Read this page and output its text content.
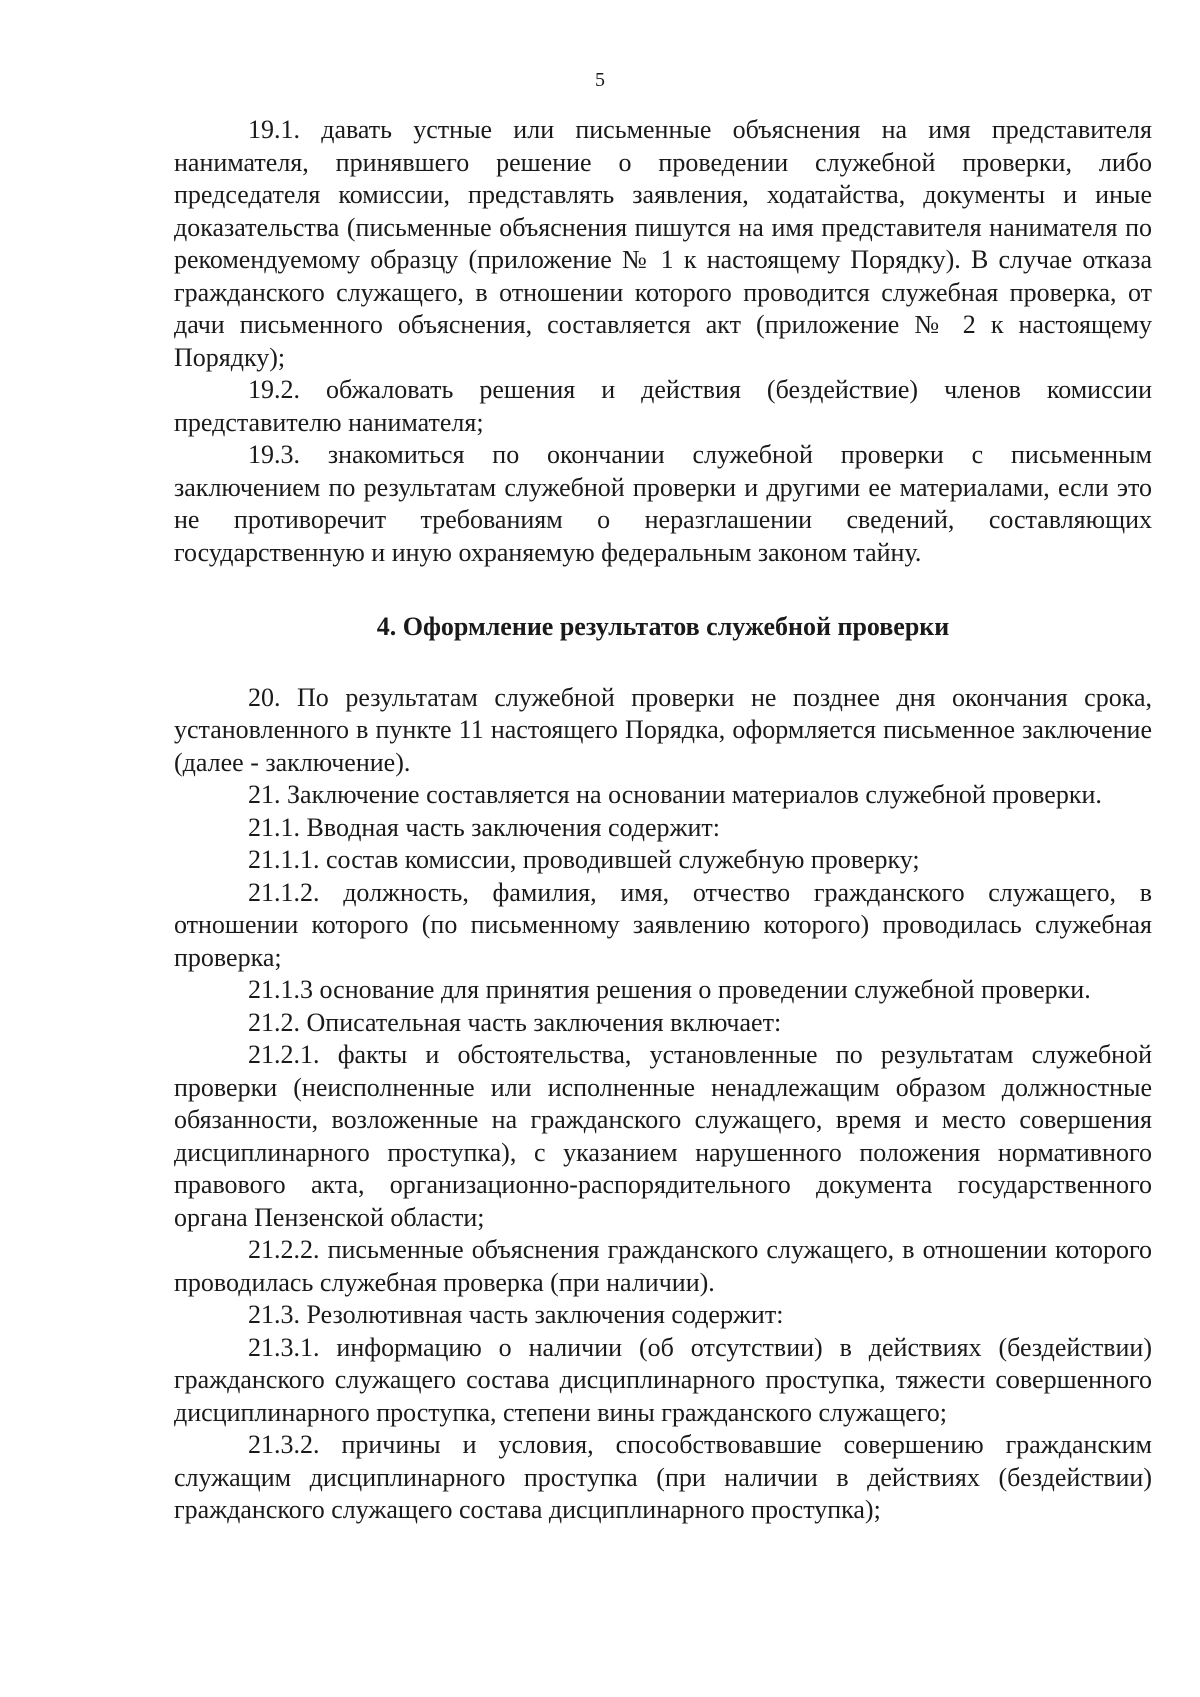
5

19.1. давать устные или письменные объяснения на имя представителя нанимателя, принявшего решение о проведении служебной проверки, либо председателя комиссии, представлять заявления, ходатайства, документы и иные доказательства (письменные объяснения пишутся на имя представителя нанимателя по рекомендуемому образцу (приложение № 1 к настоящему Порядку). В случае отказа гражданского служащего, в отношении которого проводится служебная проверка, от дачи письменного объяснения, составляется акт (приложение № 2 к настоящему Порядку);

19.2. обжаловать решения и действия (бездействие) членов комиссии представителю нанимателя;

19.3. знакомиться по окончании служебной проверки с письменным заключением по результатам служебной проверки и другими ее материалами, если это не противоречит требованиям о неразглашении сведений, составляющих государственную и иную охраняемую федеральным законом тайну.

4. Оформление результатов служебной проверки

20. По результатам служебной проверки не позднее дня окончания срока, установленного в пункте 11 настоящего Порядка, оформляется письменное заключение (далее - заключение).

21. Заключение составляется на основании материалов служебной проверки.

21.1. Вводная часть заключения содержит:

21.1.1. состав комиссии, проводившей служебную проверку;

21.1.2. должность, фамилия, имя, отчество гражданского служащего, в отношении которого (по письменному заявлению которого) проводилась служебная проверка;

21.1.3 основание для принятия решения о проведении служебной проверки.

21.2. Описательная часть заключения включает:

21.2.1. факты и обстоятельства, установленные по результатам служебной проверки (неисполненные или исполненные ненадлежащим образом должностные обязанности, возложенные на гражданского служащего, время и место совершения дисциплинарного проступка), с указанием нарушенного положения нормативного правового акта, организационно-распорядительного документа государственного органа Пензенской области;

21.2.2. письменные объяснения гражданского служащего, в отношении которого проводилась служебная проверка (при наличии).

21.3. Резолютивная часть заключения содержит:

21.3.1. информацию о наличии (об отсутствии) в действиях (бездействии) гражданского служащего состава дисциплинарного проступка, тяжести совершенного дисциплинарного проступка, степени вины гражданского служащего;

21.3.2. причины и условия, способствовавшие совершению гражданским служащим дисциплинарного проступка (при наличии в действиях (бездействии) гражданского служащего состава дисциплинарного проступка);
